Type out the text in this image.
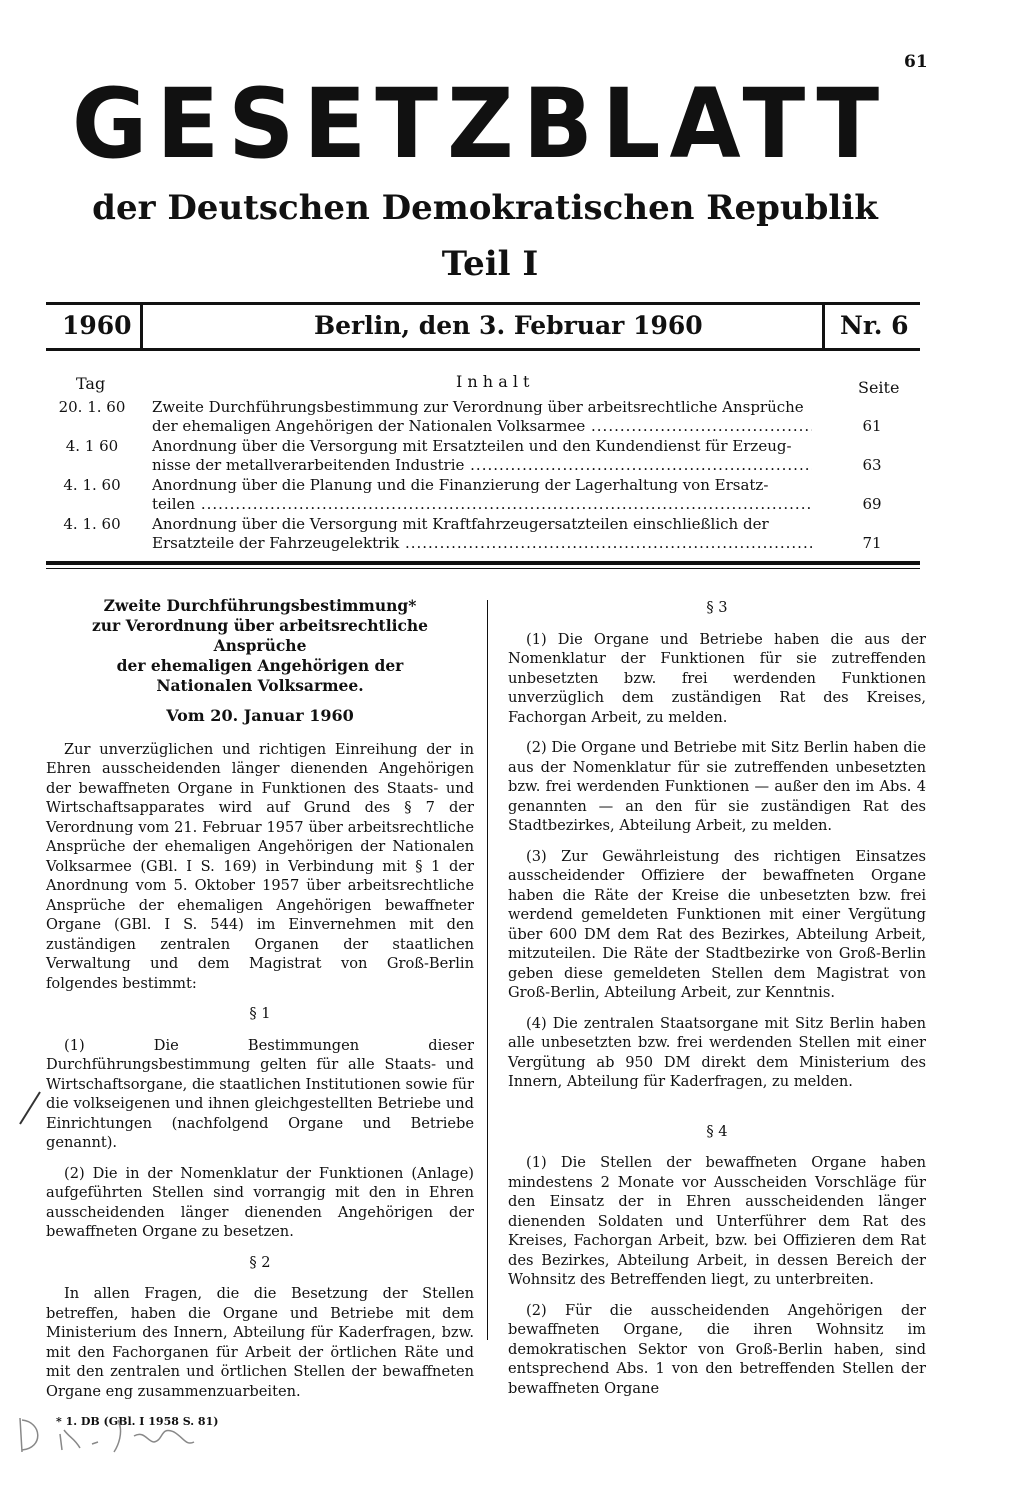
61
GESETZBLATT
der Deutschen Demokratischen Republik
Teil I
1960	Berlin, den 3. Februar 1960	Nr. 6
Tag	I n h a l t	Seite
20. 1. 60	Zweite Durchführungsbestimmung zur Verordnung über arbeitsrechtliche Ansprüche
der ehemaligen Angehörigen der Nationalen Volksarmee .....	61
4. 1 60	Anordnung über die Versorgung mit Ersatzteilen und den Kundendienst für Erzeug-
nisse der metallverarbeitenden Industrie .....	63
4. 1. 60	Anordnung über die Planung und die Finanzierung der Lagerhaltung von Ersatz-
teilen .....	69
4. 1. 60	Anordnung über die Versorgung mit Kraftfahrzeugersatzteilen einschließlich der
Ersatzteile der Fahrzeugelektrik .....	71
Zweite Durchführungsbestimmung*
zur Verordnung über arbeitsrechtliche Ansprüche
der ehemaligen Angehörigen der
Nationalen Volksarmee.
Vom 20. Januar 1960

Zur unverzüglichen und richtigen Einreihung der in Ehren ausscheidenden länger dienenden Angehörigen der bewaffneten Organe in Funktionen des Staats- und Wirtschaftsapparates wird auf Grund des § 7 der Verordnung vom 21. Februar 1957 über arbeitsrechtliche Ansprüche der ehemaligen Angehörigen der Nationalen Volksarmee (GBl. I S. 169) in Verbindung mit § 1 der Anordnung vom 5. Oktober 1957 über arbeitsrechtliche Ansprüche der ehemaligen Angehörigen bewaffneter Organe (GBl. I S. 544) im Einvernehmen mit den zuständigen zentralen Organen der staatlichen Verwaltung und dem Magistrat von Groß-Berlin folgendes bestimmt:

§ 1

(1) Die Bestimmungen dieser Durchführungsbestimmung gelten für alle Staats- und Wirtschaftsorgane, die staatlichen Institutionen sowie für die volkseigenen und ihnen gleichgestellten Betriebe und Einrichtungen (nachfolgend Organe und Betriebe genannt).

(2) Die in der Nomenklatur der Funktionen (Anlage) aufgeführten Stellen sind vorrangig mit den in Ehren ausscheidenden länger dienenden Angehörigen der bewaffneten Organe zu besetzen.

§ 2

In allen Fragen, die die Besetzung der Stellen betreffen, haben die Organe und Betriebe mit dem Ministerium des Innern, Abteilung für Kaderfragen, bzw. mit den Fachorganen für Arbeit der örtlichen Räte und mit den zentralen und örtlichen Stellen der bewaffneten Organe eng zusammenzuarbeiten.

* 1. DB (GBl. I 1958 S. 81)
§ 3

(1) Die Organe und Betriebe haben die aus der Nomenklatur der Funktionen für sie zutreffenden unbesetzten bzw. frei werdenden Funktionen unverzüglich dem zuständigen Rat des Kreises, Fachorgan Arbeit, zu melden.

(2) Die Organe und Betriebe mit Sitz Berlin haben die aus der Nomenklatur für sie zutreffenden unbesetzten bzw. frei werdenden Funktionen — außer den im Abs. 4 genannten — an den für sie zuständigen Rat des Stadtbezirkes, Abteilung Arbeit, zu melden.

(3) Zur Gewährleistung des richtigen Einsatzes ausscheidender Offiziere der bewaffneten Organe haben die Räte der Kreise die unbesetzten bzw. frei werdend gemeldeten Funktionen mit einer Vergütung über 600 DM dem Rat des Bezirkes, Abteilung Arbeit, mitzuteilen. Die Räte der Stadtbezirke von Groß-Berlin geben diese gemeldeten Stellen dem Magistrat von Groß-Berlin, Abteilung Arbeit, zur Kenntnis.

(4) Die zentralen Staatsorgane mit Sitz Berlin haben alle unbesetzten bzw. frei werdenden Stellen mit einer Vergütung ab 950 DM direkt dem Ministerium des Innern, Abteilung für Kaderfragen, zu melden.

§ 4

(1) Die Stellen der bewaffneten Organe haben mindestens 2 Monate vor Ausscheiden Vorschläge für den Einsatz der in Ehren ausscheidenden länger dienenden Soldaten und Unterführer dem Rat des Kreises, Fachorgan Arbeit, bzw. bei Offizieren dem Rat des Bezirkes, Abteilung Arbeit, in dessen Bereich der Wohnsitz des Betreffenden liegt, zu unterbreiten.

(2) Für die ausscheidenden Angehörigen der bewaffneten Organe, die ihren Wohnsitz im demokratischen Sektor von Groß-Berlin haben, sind entsprechend Abs. 1 von den betreffenden Stellen der bewaffneten Organe
